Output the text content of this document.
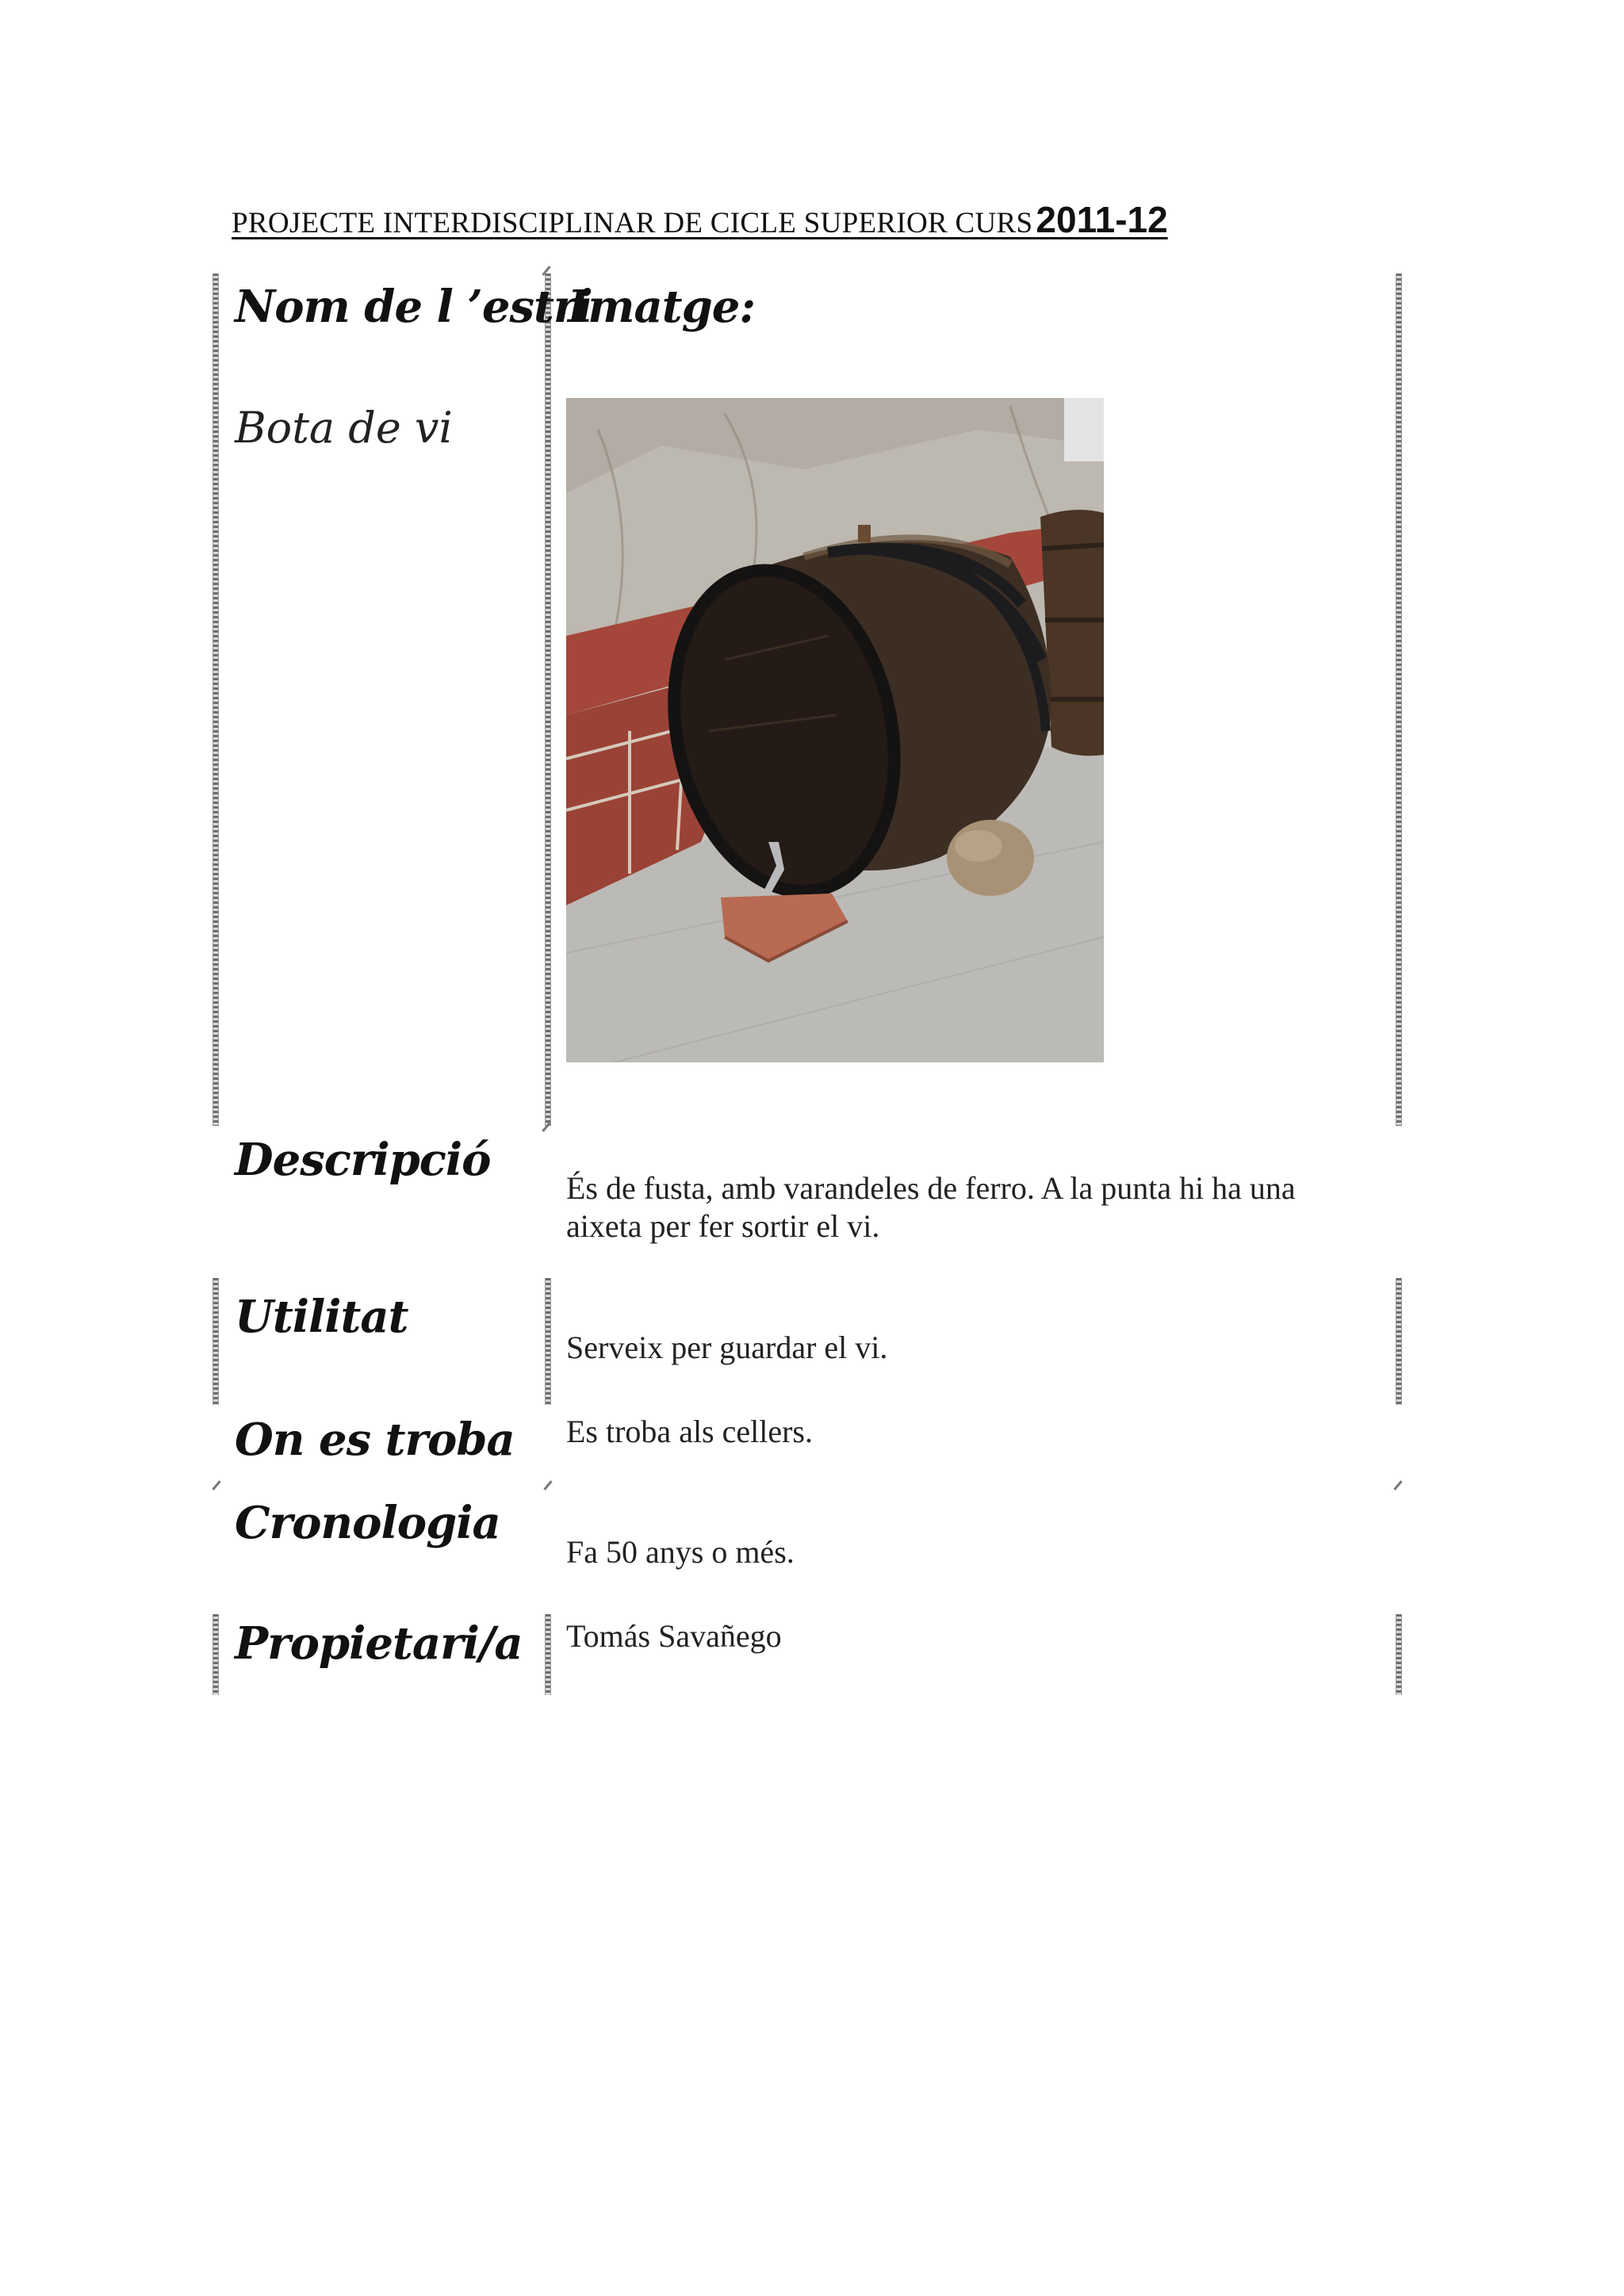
PROJECTE INTERDISCIPLINAR DE CICLE SUPERIOR CURS 2011-12
Nom de l ’estri
Bota de vi
Imatge:
Descripció
És de fusta, amb varandeles de ferro. A la punta hi ha una aixeta per fer sortir el vi.
Utilitat
Serveix per guardar el vi.
On es troba Es troba als cellers.
Cronologia
Fa 50 anys o més.
Propietari/a Tomás Savañego
